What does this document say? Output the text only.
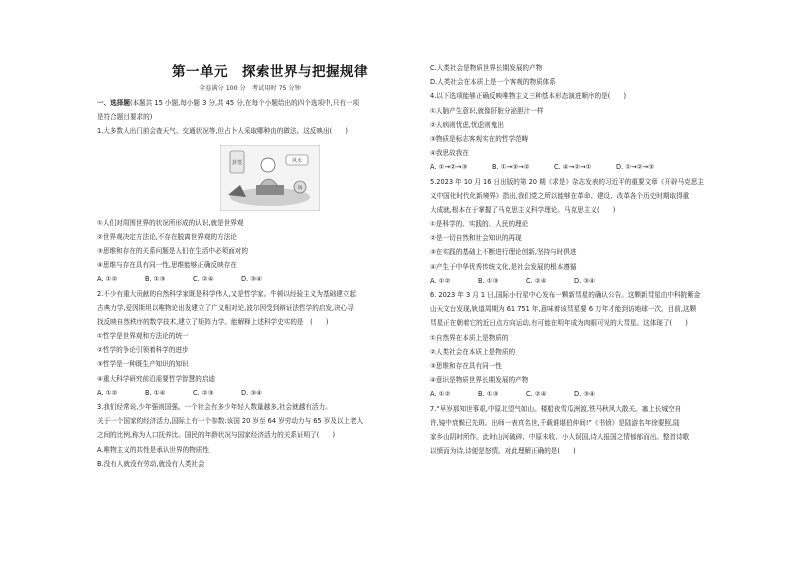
第一单元　探索世界与把握规律
全卷满分 100 分　考试用时 75 分钟
一、选择题(本题共 15 小题,每小题 3 分,共 45 分,在每个小题给出的四个选项中,只有一项
是符合题目要求的)
1.大多数人出门前会查天气、交通状况等,但占卜人采取哪种由的做法。这反映出(　　)
①人们对周围世界的状况所形成的认识,就是世界观
②世界观决定方法论,不存在脱离世界观的方法论
③思维和存在的关系问题是人们在生活中必须面对的
④思维与存在具有同一性,思维能够正确反映存在
A. ①②	B. ①③	C. ②④	D. ③④
2.不少有重大贡献的自然科学家既是科学伟人,又是哲学家。牛顿以经验主义为基础建立起
古典力学,爱因斯坦以唯物论出发建立了广义相对论,波尔因受到辩证法哲学的启发,决心寻
找反映自然秩序的数学技术,建立了矩阵力学。能解释上述科学史实的是　(　　)
①哲学是世界观和方法论的统一
②哲学的争论引领着科学的进步
③哲学是一种既生产知识的知识
④重大科学研究前沿需要哲学智慧的启迪
A. ①②	B. ①④	C. ②③	D. ③④
3.我们经常说,少年强则国强。一个社会有多少年轻人数量越多,社会就越有活力。
关于一个国家的经济活力,国际上有一个参数:该国 20 岁至 64 岁劳动力与 65 岁及以上老人
之间的比例,称为人口抚养比。国民的年龄状况与国家经济活力的关系证明了(　　)
A.唯物主义的共性是承认世界的物质性
B.没有人就没有劳动,就没有人类社会
卦签	风水
钱
C.人类社会是物质世界长期发展的产物
D.人类社会在本质上是一个客观的物质体系
4.以下选项能够正确反映唯物主义三种基本形态演进顺序的是(　　)
①人脑产生意识,就像肝脏分泌胆汁一样
②人病则忧虑,忧虑则鬼出
③物质是标志客观实在的哲学范畴
④我思故我在
A. ①→②→③	B. ①→③→②	C. ④→②→①	D. ①→②→③
5.2023 年 10 月 16 日出版的第 20 期《求是》杂志发表的习近平的重要文章《开辟马克思主
义中国化时代化新境界》指出,我们党之所以能够在革命、建设、改革各个历史时期取得重
大成就,根本在于掌握了马克思主义科学理论。马克思主义(　　)
①是科学的、实践的、人民的理论
②是一切自然和社会知识的再现
③在实践的基础上不断进行理论创新,坚持与时俱进
④产生于中华优秀传统文化,是社会发展的根本遵循
A. ①②	B. ①③	C. ②④	D. ③④
6. 2023 年 3 月 1 日,国际小行星中心发布一颗新彗星的确认公告。这颗新彗星由中科院紫金
山天文台发现,轨道周期为 61 751 年,意味着该彗星要 6 万年才能到访地球一次。目前,这颗
彗星正在朝着它的近日点方向运动,有可能在明年成为肉眼可见的大彗星。这体现了(　　)
①自然界在本质上是物质的
②人类社会在本质上是物质的
③思维和存在具有同一性
④意识是物质世界长期发展的产物
A. ①②	B. ①③	C. ②④	D. ③④
7.“早岁那知世事艰,中原北望气如山。楼船夜雪瓜洲渡,铁马秋风大散关。塞上长城空自
许,镜中衰鬓已先斑。出师一表真名世,千载谁堪伯仲间!”《书愤》是陆游名年徐要照,陆
家乡山阴时所作。此时山河破碎、中原未收、小人误国,诗人报国之情郁郁而出。整首诗歌
以愤而为诗,诗便是怒情。对此理解正确的是(　　)
